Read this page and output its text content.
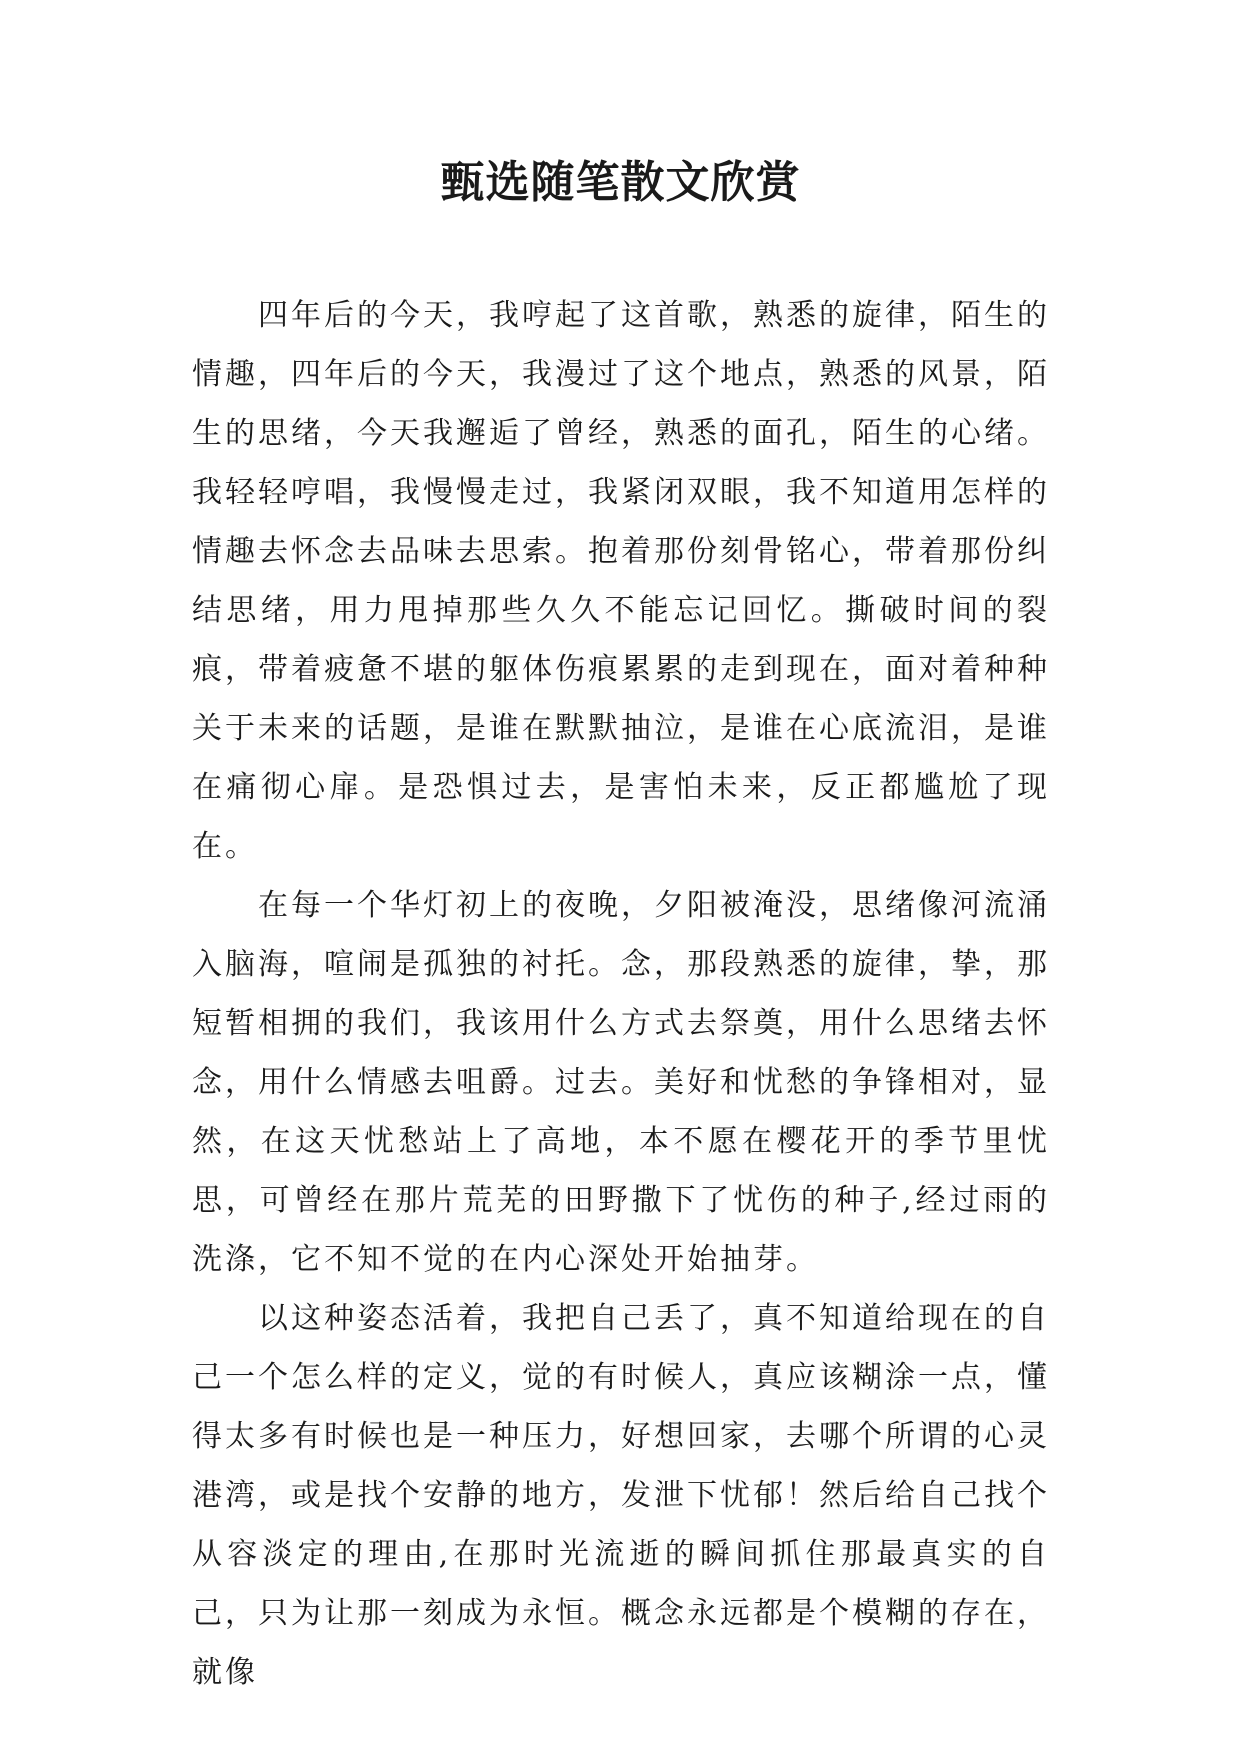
甄选随笔散文欣赏

四年后的今天，我哼起了这首歌，熟悉的旋律，陌生的情趣，四年后的今天，我漫过了这个地点，熟悉的风景，陌生的思绪，今天我邂逅了曾经，熟悉的面孔，陌生的心绪。我轻轻哼唱，我慢慢走过，我紧闭双眼，我不知道用怎样的情趣去怀念去品味去思索。抱着那份刻骨铭心，带着那份纠结思绪，用力甩掉那些久久不能忘记回忆。撕破时间的裂痕，带着疲惫不堪的躯体伤痕累累的走到现在，面对着种种关于未来的话题，是谁在默默抽泣，是谁在心底流泪，是谁在痛彻心扉。是恐惧过去，是害怕未来，反正都尴尬了现在。

在每一个华灯初上的夜晚，夕阳被淹没，思绪像河流涌入脑海，喧闹是孤独的衬托。念，那段熟悉的旋律，挚，那短暂相拥的我们，我该用什么方式去祭奠，用什么思绪去怀念，用什么情感去咀爵。过去。美好和忧愁的争锋相对，显然，在这天忧愁站上了高地，本不愿在樱花开的季节里忧思，可曾经在那片荒芜的田野撒下了忧伤的种子,经过雨的洗涤，它不知不觉的在内心深处开始抽芽。

以这种姿态活着，我把自己丢了，真不知道给现在的自己一个怎么样的定义，觉的有时候人，真应该糊涂一点，懂得太多有时候也是一种压力，好想回家，去哪个所谓的心灵港湾，或是找个安静的地方，发泄下忧郁！然后给自己找个从容淡定的理由,在那时光流逝的瞬间抓住那最真实的自己，只为让那一刻成为永恒。概念永远都是个模糊的存在，就像
